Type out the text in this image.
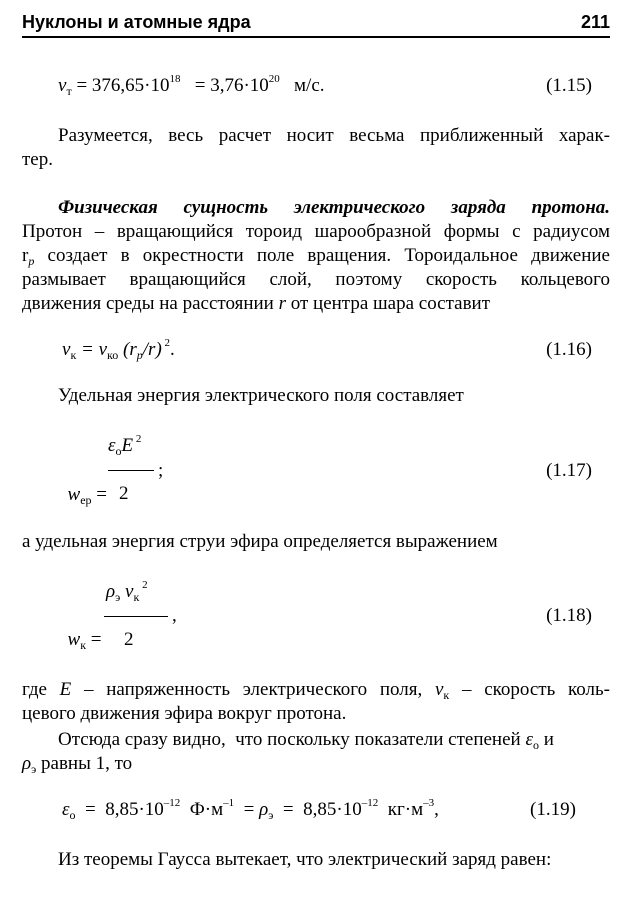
Нуклоны и атомные ядра	211
$v_т = 376,65\cdot 10^{18} = 3,76\cdot 10^{20}$   м/с.	(1.15)
Разумеется, весь расчет носит весьма приближенный харак-
тер.
Физическая сущность электрического заряда протона.
Протон – вращающийся тороид шарообразной формы с радиусом
$r_p$ создает в окрестности поле вращения. Тороидальное движение
размывает вращающийся слой, поэтому скорость кольцевого
движения среды на расстоянии r от центра шара составит
$v_к = v_{ко}$ $(r_p/r)$ $^2$.	(1.16)
Удельная энергия электрического поля составляет
$\varepsilon_оE$ $^2$

$w_{ер}$ =

;
2
(1.17)
а удельная энергия струи эфира определяется выражением
$\rho_э$ $v_к$ $^2$

$w_к$ =

,
2
(1.18)
где E – напряженность электрического поля, $v_к$ – скорость коль-
цевого движения эфира вокруг протона.
Отсюда сразу видно,  что поскольку показатели степеней $\varepsilon_о$ и
$\rho_э$ равны 1, то
$\varepsilon_о = 8,85\cdot 10^{-12}$  $Ф\cdot м^{-1} = \rho_э = 8,85\cdot 10^{-12}$  $кг\cdot м^{-3}$,	(1.19)
Из теоремы Гаусса вытекает, что электрический заряд равен:
